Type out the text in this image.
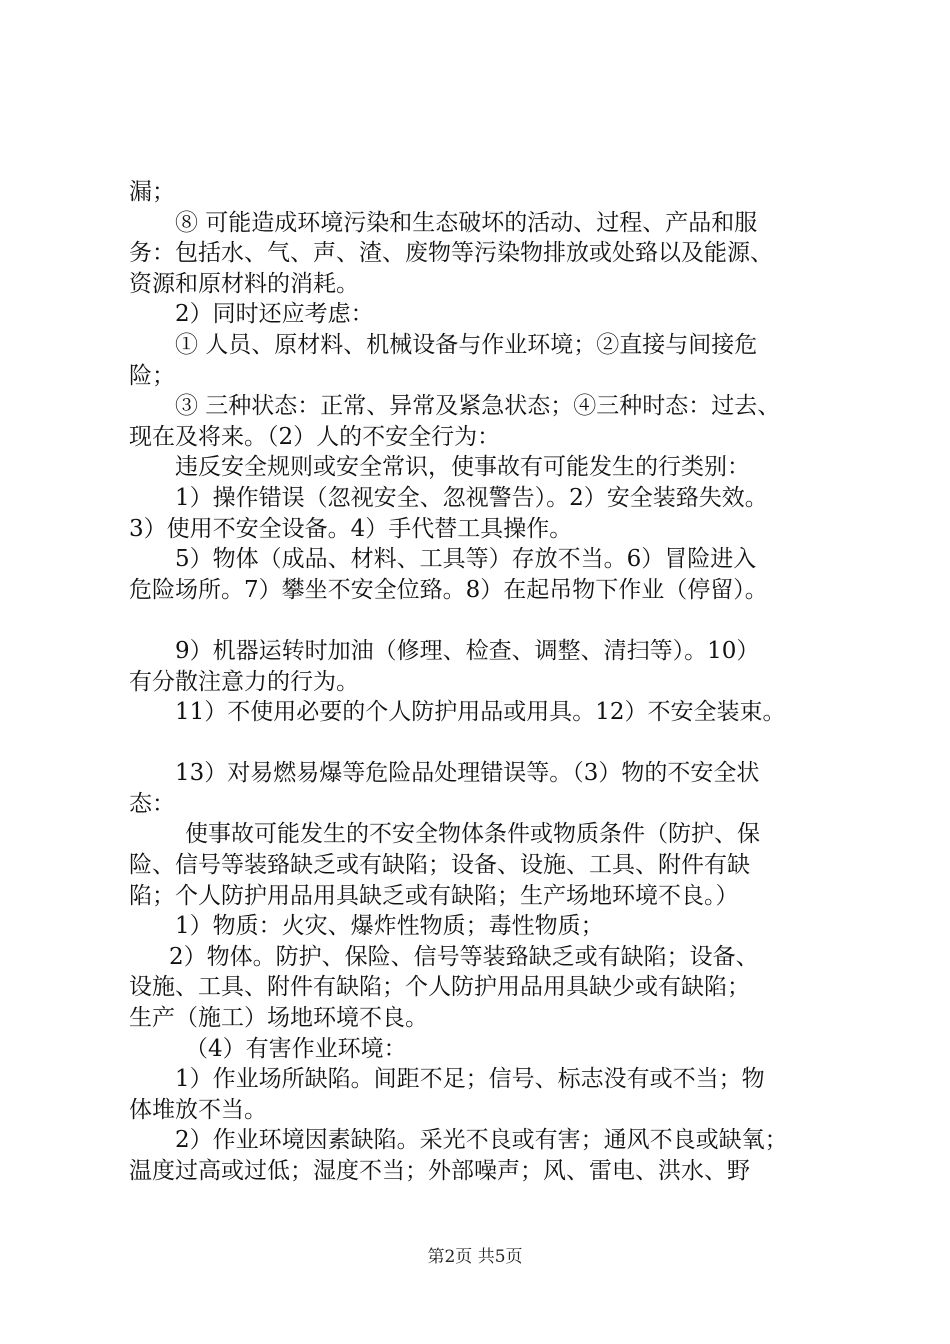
漏；
⑧ 可能造成环境污染和生态破坏的活动、过程、产品和服
务：包括水、气、声、渣、废物等污染物排放或处臵以及能源、
资源和原材料的消耗。
2）同时还应考虑：
① 人员、原材料、机械设备与作业环境；②直接与间接危
险；
③ 三种状态：正常、异常及紧急状态；④三种时态：过去、
现在及将来。（2）人的不安全行为：
违反安全规则或安全常识，使事故有可能发生的行类别：
1）操作错误（忽视安全、忽视警告）。2）安全装臵失效。
3）使用不安全设备。4）手代替工具操作。
5）物体（成品、材料、工具等）存放不当。6）冒险进入
危险场所。7）攀坐不安全位臵。8）在起吊物下作业（停留）。
9）机器运转时加油（修理、检查、调整、清扫等）。10）
有分散注意力的行为。
11）不使用必要的个人防护用品或用具。12）不安全装束。
13）对易燃易爆等危险品处理错误等。（3）物的不安全状
态：
使事故可能发生的不安全物体条件或物质条件（防护、保
险、信号等装臵缺乏或有缺陷；设备、设施、工具、附件有缺
陷；个人防护用品用具缺乏或有缺陷；生产场地环境不良。）
1）物质：火灾、爆炸性物质；毒性物质；
2）物体。防护、保险、信号等装臵缺乏或有缺陷；设备、
设施、工具、附件有缺陷；个人防护用品用具缺少或有缺陷；
生产（施工）场地环境不良。
（4）有害作业环境：
1）作业场所缺陷。间距不足；信号、标志没有或不当；物
体堆放不当。
2）作业环境因素缺陷。采光不良或有害；通风不良或缺氧；
温度过高或过低；湿度不当；外部噪声；风、雷电、洪水、野
第2页 共5页
